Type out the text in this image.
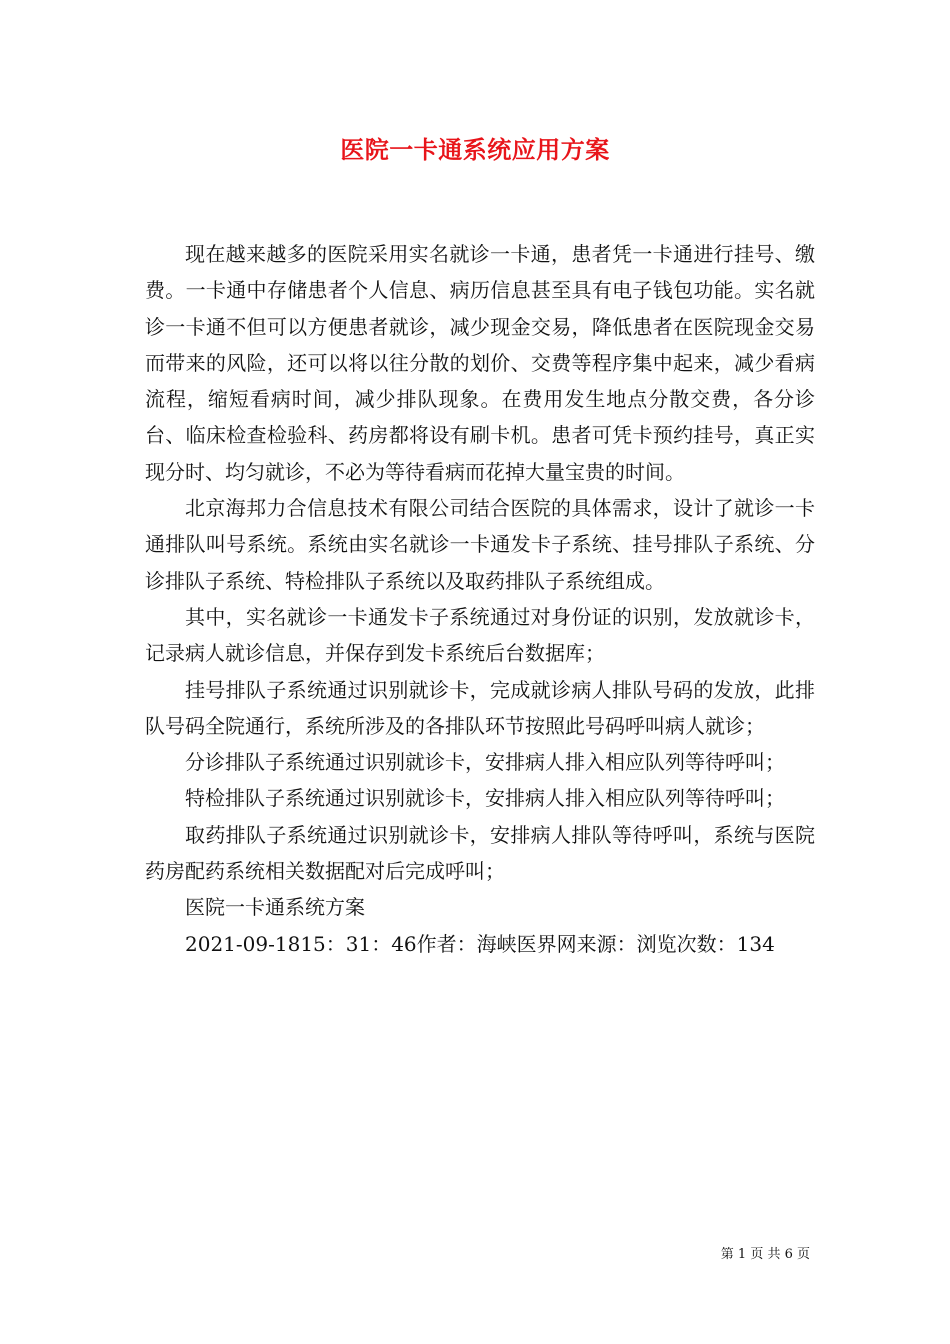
医院一卡通系统应用方案

现在越来越多的医院采用实名就诊一卡通，患者凭一卡通进行挂号、缴费。一卡通中存储患者个人信息、病历信息甚至具有电子钱包功能。实名就诊一卡通不但可以方便患者就诊，减少现金交易，降低患者在医院现金交易而带来的风险，还可以将以往分散的划价、交费等程序集中起来，减少看病流程，缩短看病时间，减少排队现象。在费用发生地点分散交费，各分诊台、临床检查检验科、药房都将设有刷卡机。患者可凭卡预约挂号，真正实现分时、均匀就诊，不必为等待看病而花掉大量宝贵的时间。

北京海邦力合信息技术有限公司结合医院的具体需求，设计了就诊一卡通排队叫号系统。系统由实名就诊一卡通发卡子系统、挂号排队子系统、分诊排队子系统、特检排队子系统以及取药排队子系统组成。

其中，实名就诊一卡通发卡子系统通过对身份证的识别，发放就诊卡，记录病人就诊信息，并保存到发卡系统后台数据库；

挂号排队子系统通过识别就诊卡，完成就诊病人排队号码的发放，此排队号码全院通行，系统所涉及的各排队环节按照此号码呼叫病人就诊；

分诊排队子系统通过识别就诊卡，安排病人排入相应队列等待呼叫；

特检排队子系统通过识别就诊卡，安排病人排入相应队列等待呼叫；

取药排队子系统通过识别就诊卡，安排病人排队等待呼叫，系统与医院药房配药系统相关数据配对后完成呼叫；

医院一卡通系统方案

2021-09-1815：31：46作者：海峡医界网来源：浏览次数：134

第 1 页 共 6 页
